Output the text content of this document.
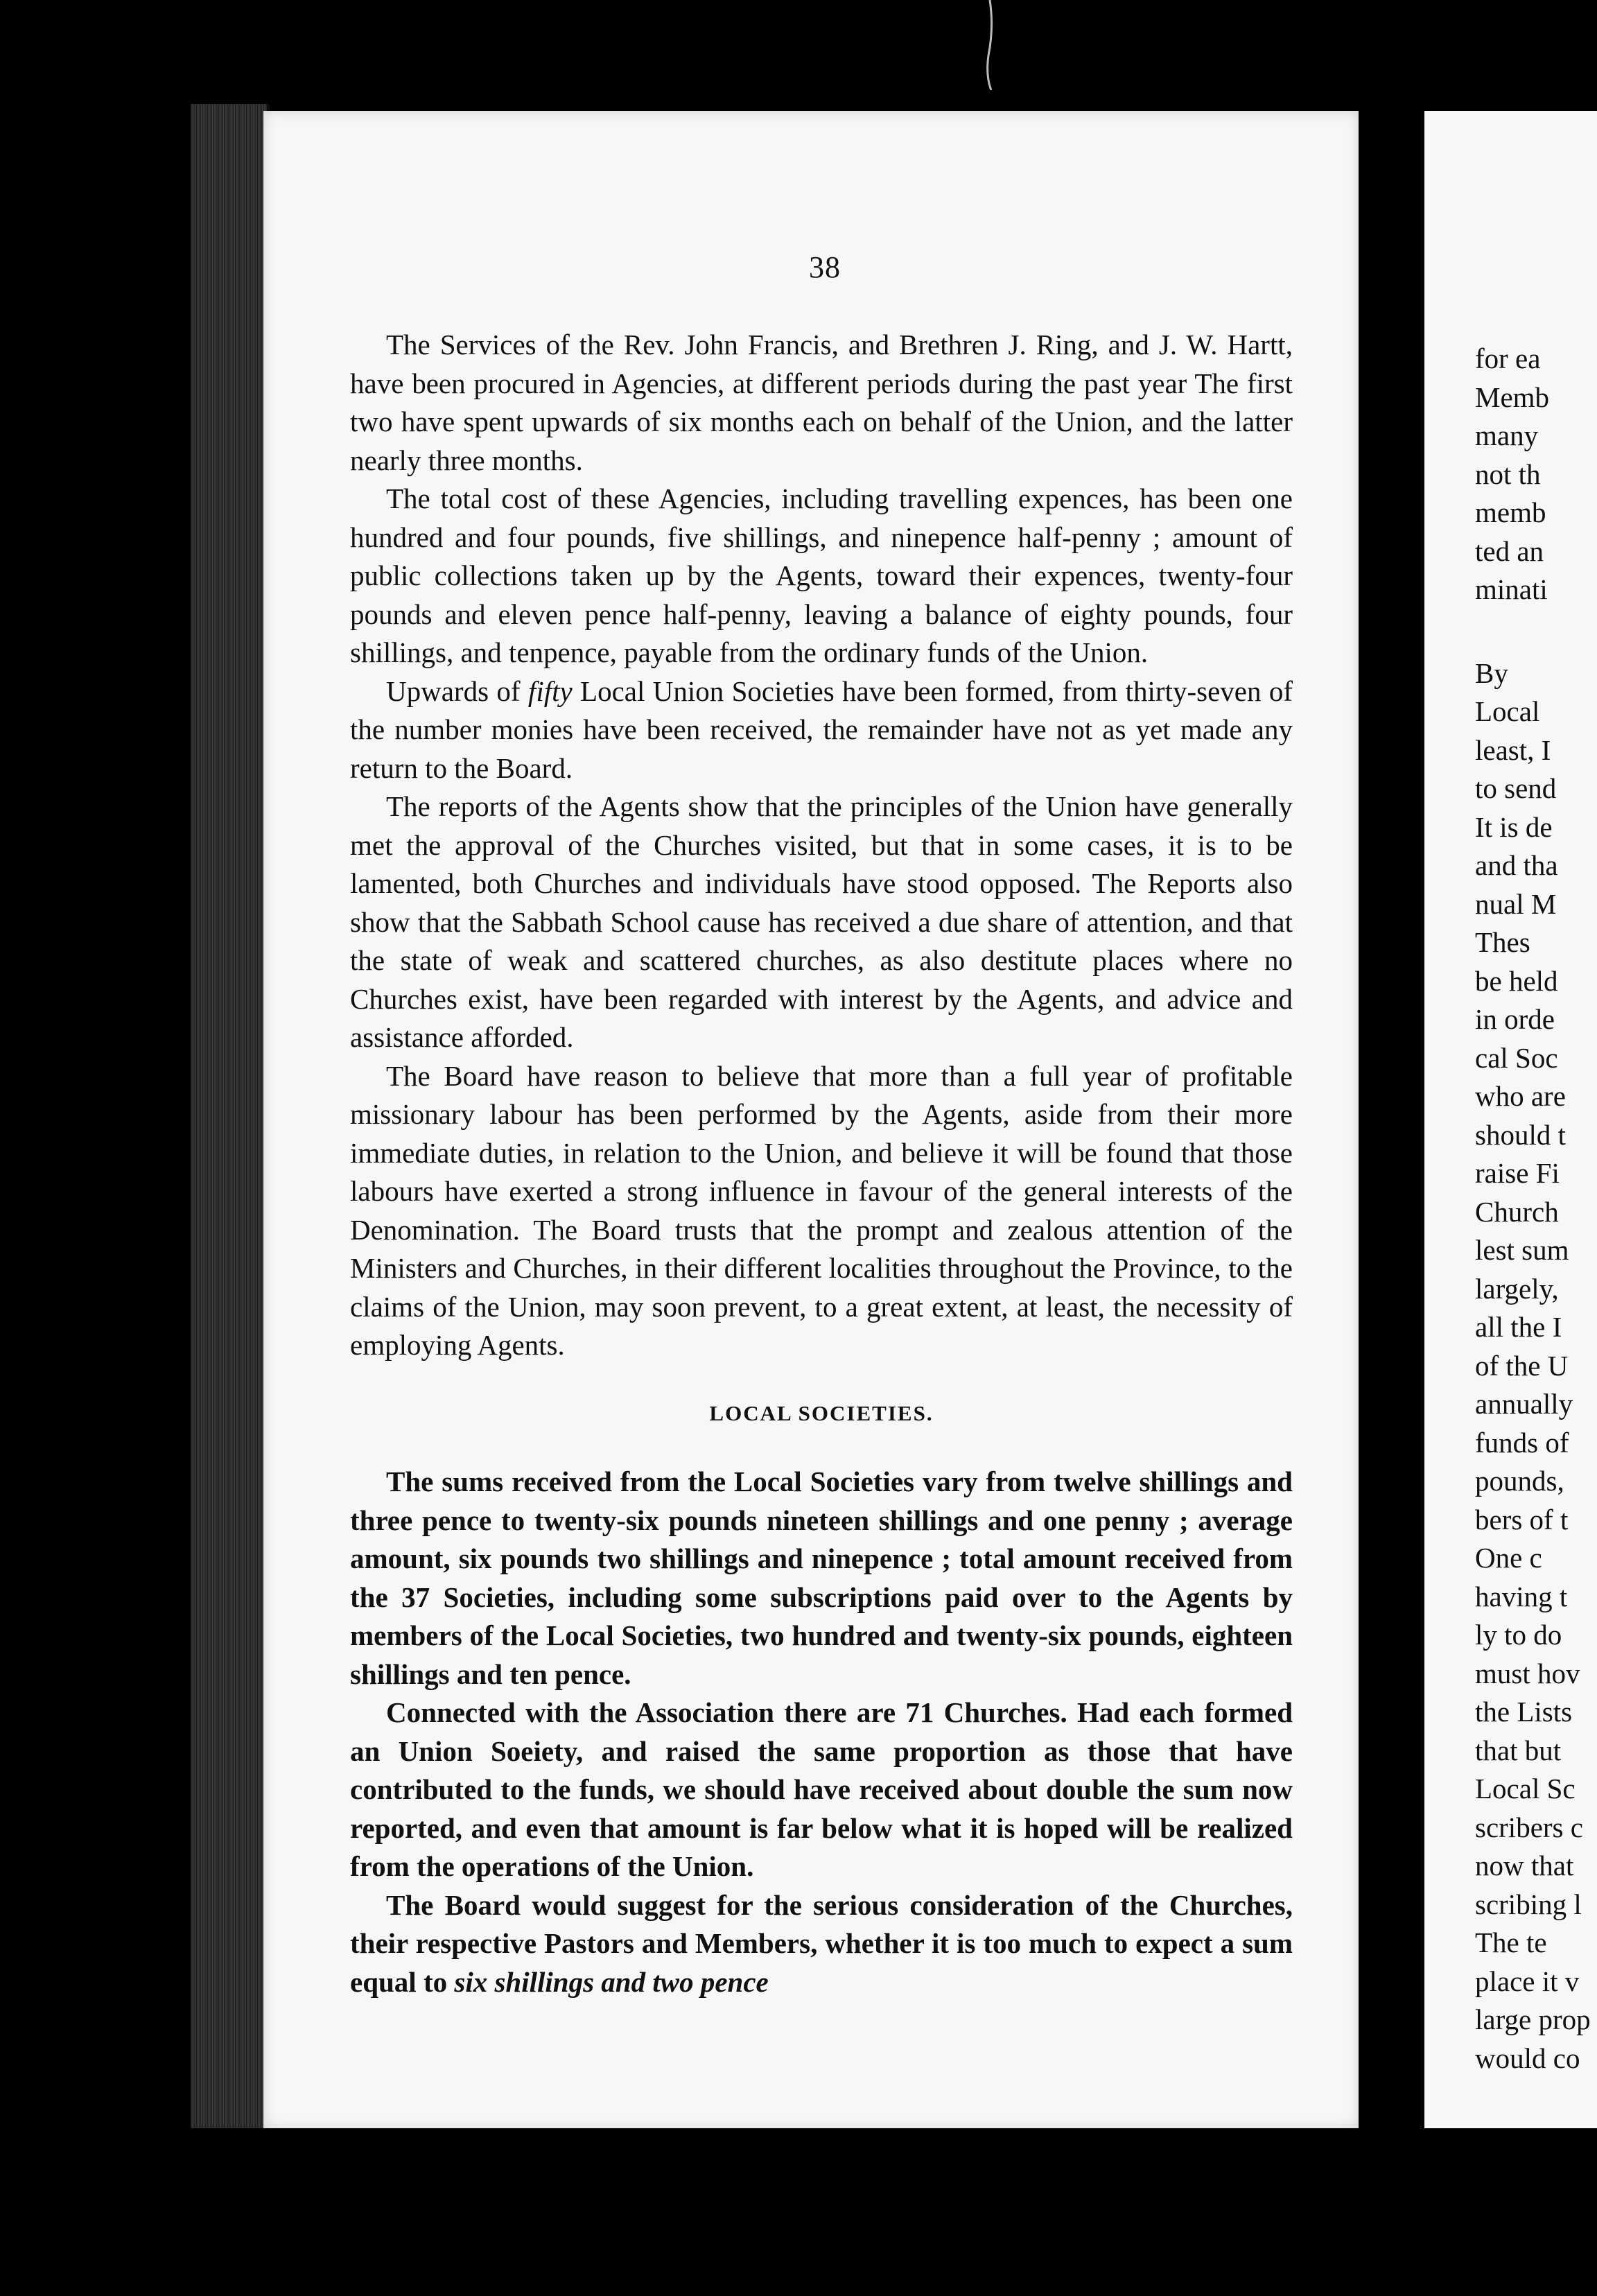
38

The Services of the Rev. John Francis, and Brethren J. Ring, and J. W. Hartt, have been procured in Agencies, at different periods during the past year The first two have spent upwards of six months each on behalf of the Union, and the latter nearly three months.

The total cost of these Agencies, including travelling expences, has been one hundred and four pounds, five shillings, and ninepence half-penny ; amount of public collections taken up by the Agents, toward their expences, twenty-four pounds and eleven pence half-penny, leaving a balance of eighty pounds, four shillings, and tenpence, payable from the ordinary funds of the Union.

Upwards of fifty Local Union Societies have been formed, from thirty-seven of the number monies have been received, the remainder have not as yet made any return to the Board.

The reports of the Agents show that the principles of the Union have generally met the approval of the Churches visited, but that in some cases, it is to be lamented, both Churches and individuals have stood opposed. The Reports also show that the Sabbath School cause has received a due share of attention, and that the state of weak and scattered churches, as also destitute places where no Churches exist, have been regarded with interest by the Agents, and advice and assistance afforded.

The Board have reason to believe that more than a full year of profitable missionary labour has been performed by the Agents, aside from their more immediate duties, in relation to the Union, and believe it will be found that those labours have exerted a strong influence in favour of the general interests of the Denomination. The Board trusts that the prompt and zealous attention of the Ministers and Churches, in their different localities throughout the Province, to the claims of the Union, may soon prevent, to a great extent, at least, the necessity of employing Agents.

LOCAL SOCIETIES.

The sums received from the Local Societies vary from twelve shillings and three pence to twenty-six pounds nineteen shillings and one penny ; average amount, six pounds two shillings and ninepence ; total amount received from the 37 Societies, including some subscriptions paid over to the Agents by members of the Local Societies, two hundred and twenty-six pounds, eighteen shillings and ten pence.

Connected with the Association there are 71 Churches. Had each formed an Union Soeiety, and raised the same proportion as those that have contributed to the funds, we should have received about double the sum now reported, and even that amount is far below what it is hoped will be realized from the operations of the Union.

The Board would suggest for the serious consideration of the Churches, their respective Pastors and Members, whether it is too much to expect a sum equal to six shillings and two pence

for ea
Memb
many
not th
memb
ted an
minati
By
Local
least, I
to send
It is de
and tha
nual M
Thes
be held
in orde
cal Soc
who are
should t
raise Fi
Church
lest sum
largely,
all the I
of the U
annually
funds of
pounds,
bers of t
One c
having t
ly to do
must hov
the Lists
that but
Local Sc
scribers c
now that
scribing l
The te
place it v
large prop
would co
